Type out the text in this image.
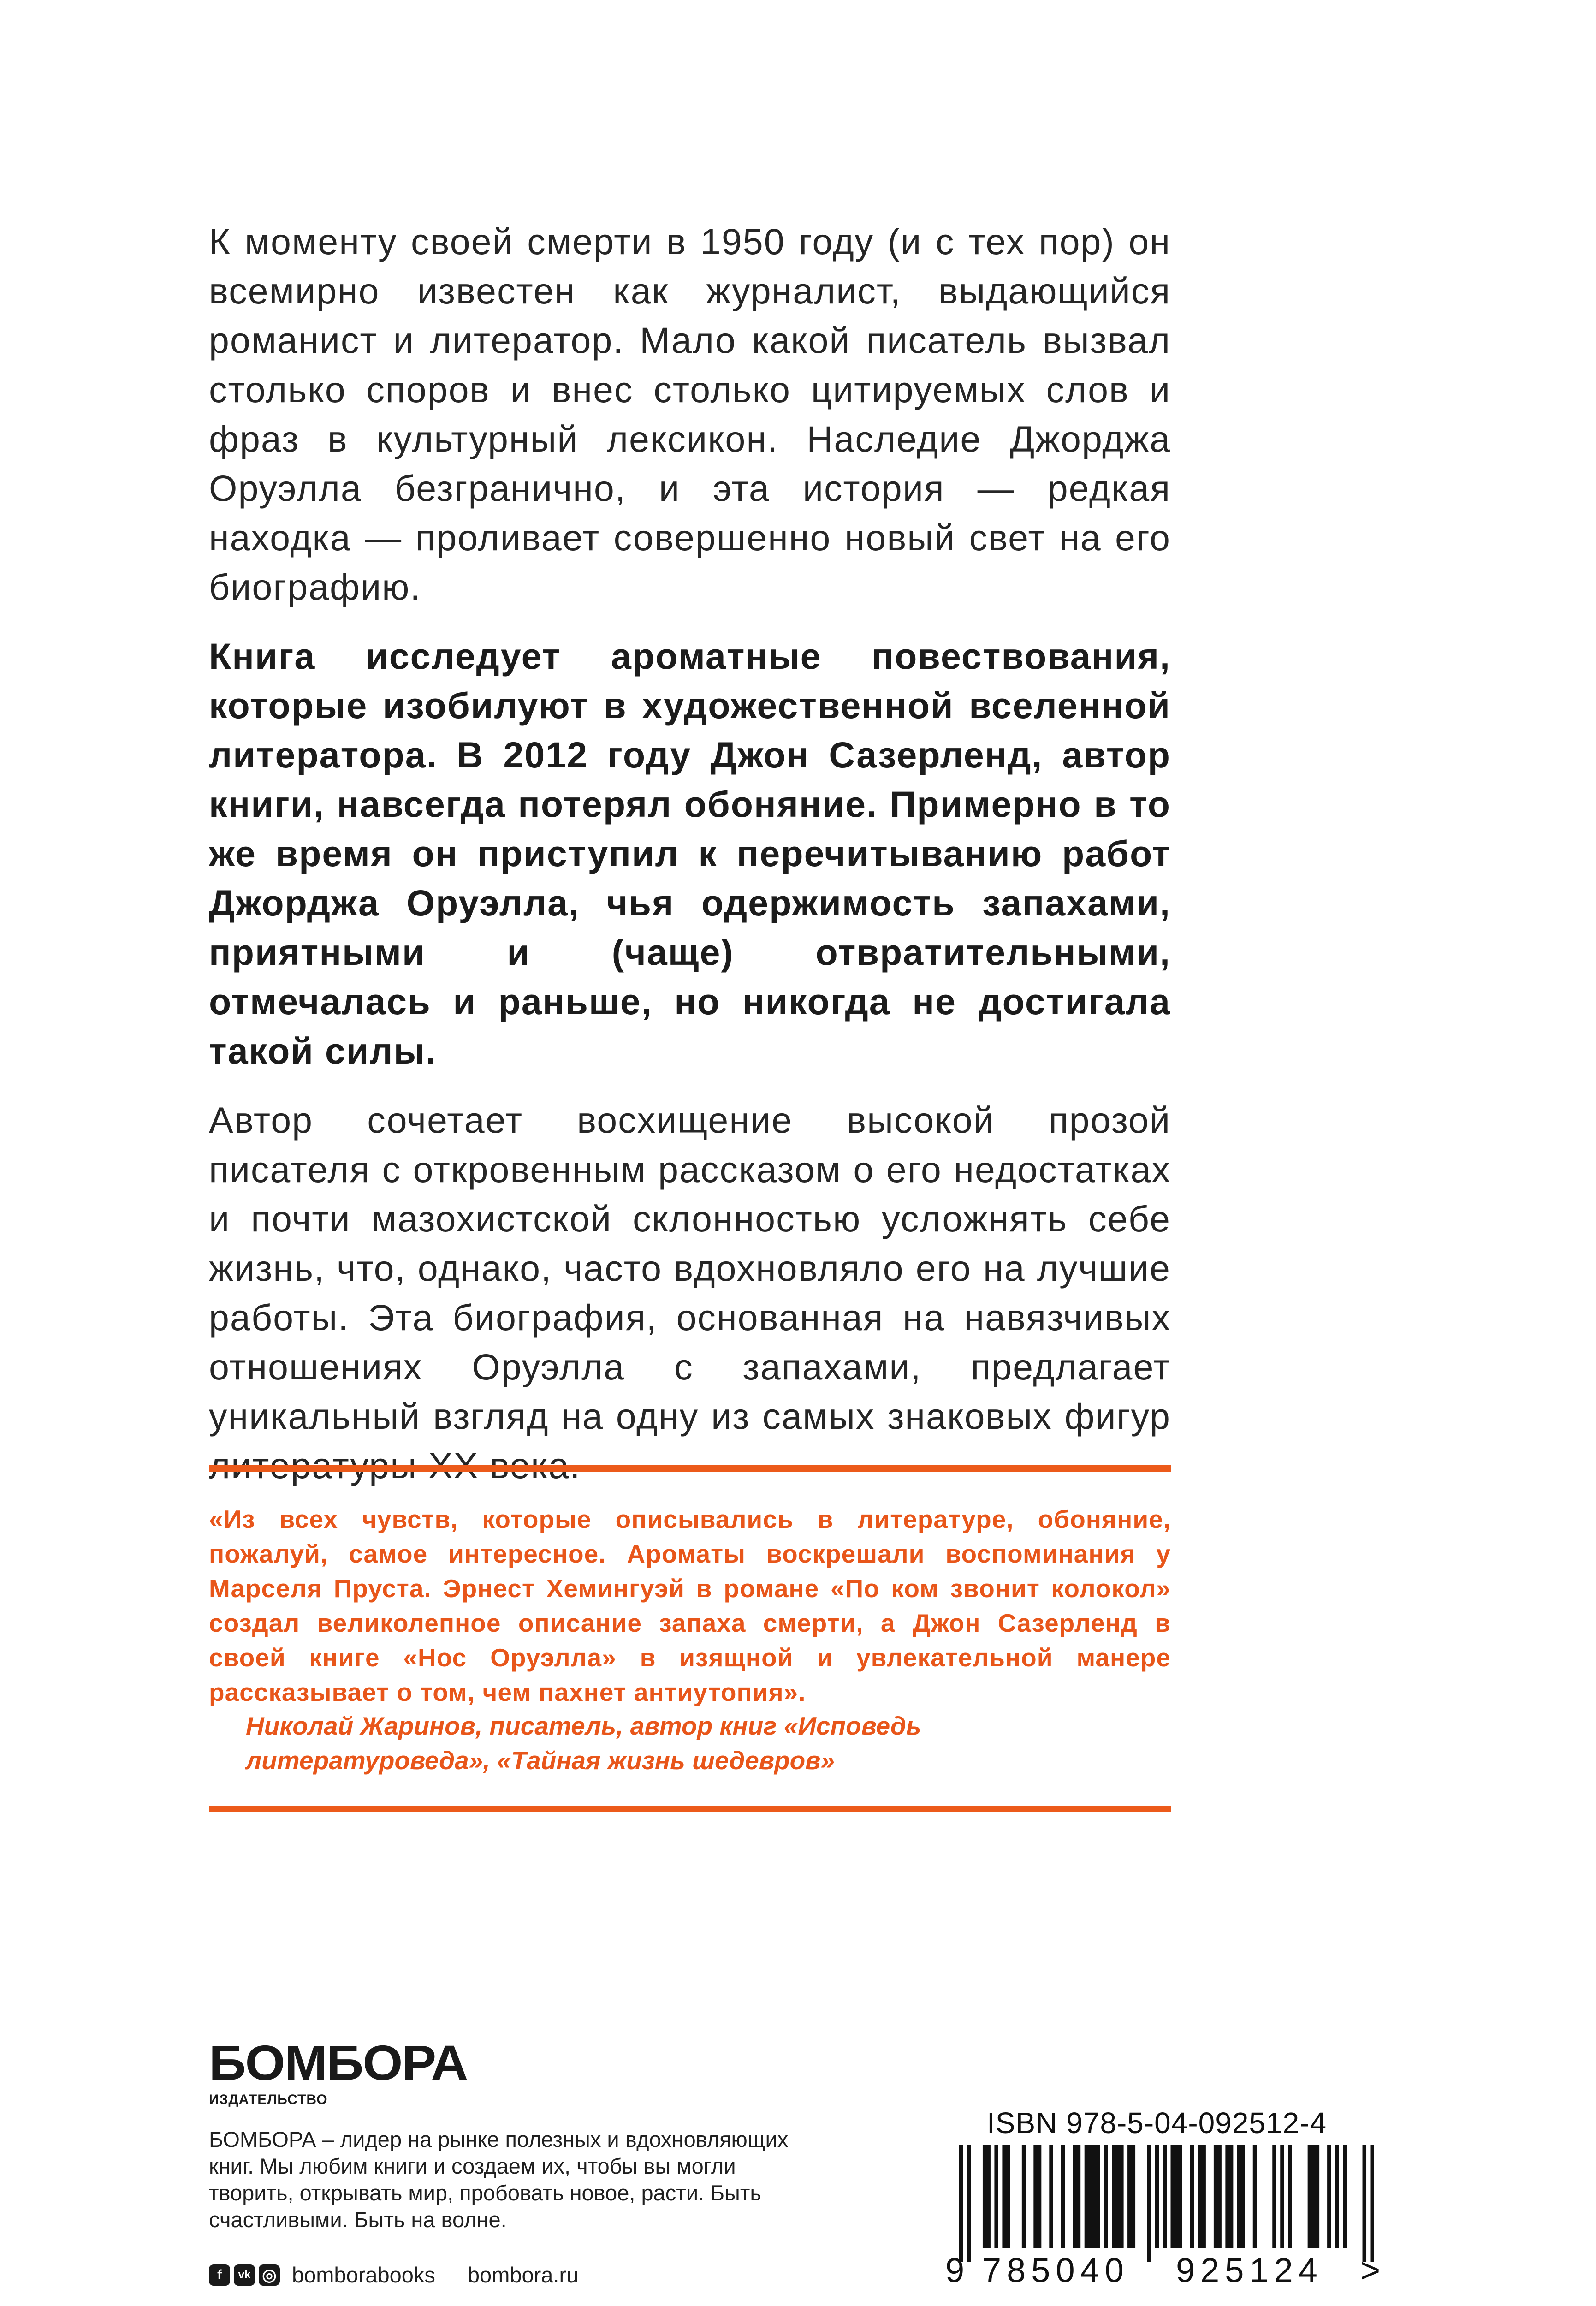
К моменту своей смерти в 1950 году (и с тех пор) он всемирно известен как журналист, выдающийся романист и литератор. Мало какой писатель вызвал столько споров и внес столько цитируемых слов и фраз в культурный лексикон. Наследие Джорджа Оруэлла безгранично, и эта история — редкая находка — проливает совершенно новый свет на его биографию.

Книга исследует ароматные повествования, которые изобилуют в художественной вселенной литератора. В 2012 году Джон Сазерленд, автор книги, навсегда потерял обоняние. Примерно в то же время он приступил к перечитыванию работ Джорджа Оруэлла, чья одержимость запахами, приятными и (чаще) отвратительными, отмечалась и раньше, но никогда не достигала такой силы.

Автор сочетает восхищение высокой прозой писателя с откровенным рассказом о его недостатках и почти мазохистской склонностью усложнять себе жизнь, что, однако, часто вдохновляло его на лучшие работы. Эта биография, основанная на навязчивых отношениях Оруэлла с запахами, предлагает уникальный взгляд на одну из самых знаковых фигур

«Из всех чувств, которые описывались в литературе, обоняние, пожалуй, самое интересное. Ароматы воскрешали воспоминания у Марселя Пруста. Эрнест Хемингуэй в романе «По ком звонит колокол» создал великолепное описание запаха смерти, а Джон Сазерленд в своей книге «Нос Оруэлла» в изящной и увлекательной манере рассказывает о том, чем пахнет антиутопия».

Николай Жаринов, писатель, автор книг «Исповедь литературоведа», «Тайная жизнь шедевров»

БОМБОРА
ИЗДАТЕЛЬСТВО

БОМБОРА – лидер на рынке полезных и вдохновляющих книг. Мы любим книги и создаем их, чтобы вы могли творить, открывать мир, пробовать новое, расти. Быть счастливыми. Быть на волне.

f	vk ◎ bomborabooks bombora.ru
ISBN 978-5-04-092512-4
9 785040 925124 >
